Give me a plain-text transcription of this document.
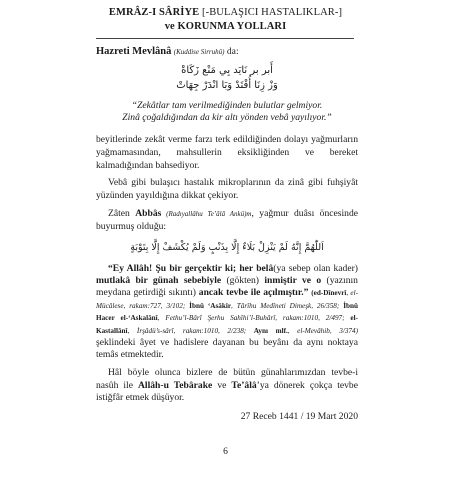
EMRÂZ-I SÂRİYE [-BULAŞICI HASTALIKLAR-]
ve KORUNMA YOLLARI

Hazreti Mevlânâ (Kuddise Sirruhû) da:

أَبر بر نَايَد بِي مَنْع زَكَاةْ
وَزْ زِنَا أُفْتَدْ وَبَا انْدَرْ جِهَاتْ
“Zekâtlar tam verilmediğinden bulutlar gelmiyor.
Zinâ çoğaldığından da kir altı yönden vebâ yayılıyor.”

beyitlerinde zekât verme farzı terk edildiğinden dolayı yağmurların yağmamasından, mahsullerin eksikliğinden ve bereket kalmadığından bahsediyor.

Vebâ gibi bulaşıcı hastalık mikroplarının da zinâ gibi fuhşiyât yüzünden yayıldığına dikkat çekiyor.

Zâten Abbâs (Radıyallâhu Te’âlâ Ankü)m, yağmur duâsı öncesinde buyurmuş olduğu:

اَللّٰهُمَّ إِنَّهُ لَمْ يَنْزِلْ بَلَاءٌ إِلَّا بِذَنْبٍ وَلَمْ يُكْشَفْ إِلَّا بِتَوْبَةٍ

“Ey Allâh! Şu bir gerçektir ki; her belâ(ya sebep olan kader) mutlakâ bir günah sebebiyle (gökten) inmiştir ve o (yazının meydana getirdiği sıkıntı) ancak tevbe ile açılmıştır.” (ed-Dînevrî, el-Mücâlese, rakam:727, 3/102; İbnü ‘Asâkir, Târîhu Medîneti Dimeşk, 26/358; İbnü Hacer el-‘Askalânî, Fethu’l-Bârî Şerhu Sahîhi’l-Buhârî, rakam:1010, 2/497; el-Kastallânî, İrşâdü’s-sârî, rakam:1010, 2/238; Aynı mlf., el-Mevâhib, 3/374) şeklindeki âyet ve hadislere dayanan bu beyânı da aynı noktaya temâs etmektedir.

Hâl böyle olunca bizlere de bütün günahlarımızdan tevbe-i nasûh ile Allâh-u Tebârake ve Te’âlâ’ya dönerek çokça tevbe istiğfâr etmek düşüyor.

27 Receb 1441 / 19 Mart 2020
6
